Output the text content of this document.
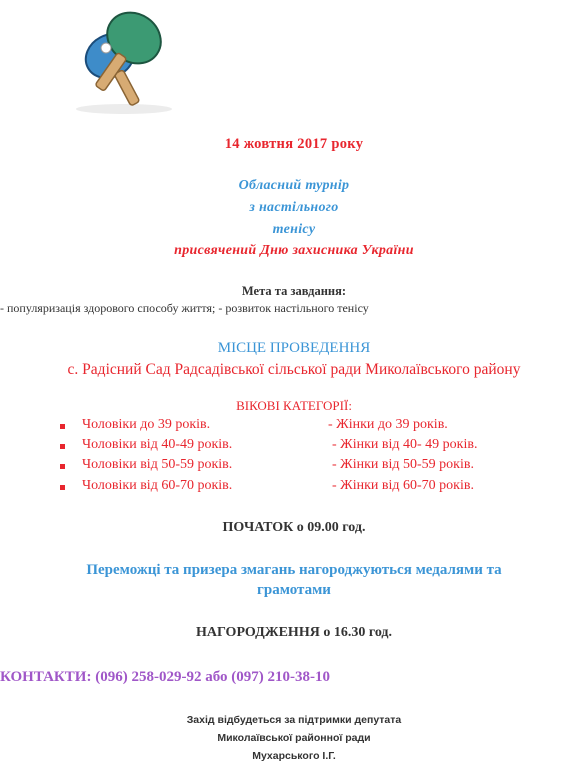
14 жовтня 2017 року
Обласний турнір
з настільного
тенісу
присвячений Дню захисника України
Мета та завдання:
- популяризація здорового способу життя; - розвиток настільного тенісу
МІСЦЕ ПРОВЕДЕННЯ
с. Радісний Сад Радсадівської сільської ради Миколаївського району
ВІКОВІ КАТЕГОРІЇ:
Чоловіки до 39 років.	- Жінки до 39 років.
Чоловіки від 40-49 років.	- Жінки від 40- 49 років.
Чоловіки від 50-59 років.	- Жінки від 50-59 років.
Чоловіки від 60-70 років.	- Жінки від 60-70 років.
ПОЧАТОК о 09.00 год.
Переможці та призера змагань нагороджуються медалями та
грамотами
НАГОРОДЖЕННЯ о 16.30 год.
КОНТАКТИ: (096) 258-029-92 або (097) 210-38-10
Захід відбудеться за підтримки депутата
Миколаївської районної ради
Мухарського І.Г.
